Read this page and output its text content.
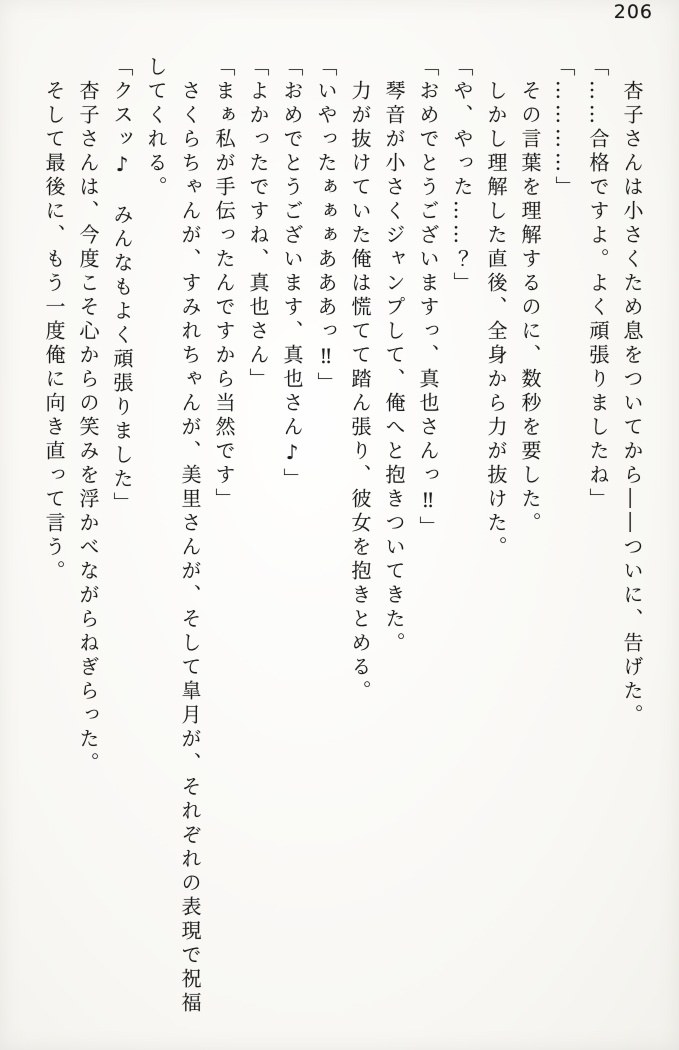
206

　杏子さんは小さくため息をついてから――ついに、告げた。

「……合格ですよ。よく頑張りましたね」

「…………」

　その言葉を理解するのに、数秒を要した。

　しかし理解した直後、全身から力が抜けた。

「や、やった……？」

「おめでとうございますっ、真也さんっ‼」

　琴音が小さくジャンプして、俺へと抱きついてきた。

　力が抜けていた俺は慌てて踏ん張り、彼女を抱きとめる。

「いやったぁぁぁあああっ‼」

「おめでとうございます、真也さん♪」

「よかったですね、真也さん」

「まぁ私が手伝ったんですから当然です」

　さくらちゃんが、すみれちゃんが、美里さんが、そして皐月が、それぞれの表現で祝福してくれる。

「クスッ♪　みんなもよく頑張りました」

　杏子さんは、今度こそ心からの笑みを浮かべながらねぎらった。

　そして最後に、もう一度俺に向き直って言う。
